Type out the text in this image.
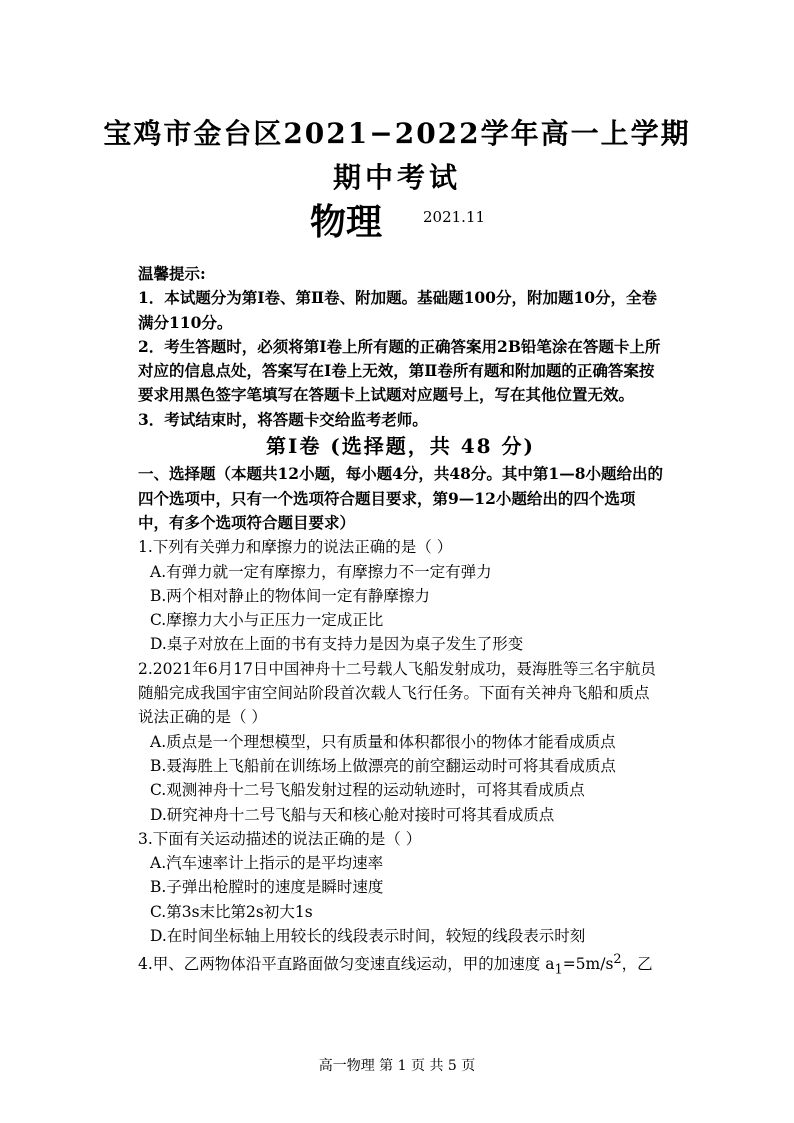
宝鸡市金台区2021−2022学年高一上学期
期中考试
物理	2021.11

温馨提示:

1．本试题分为第Ⅰ卷、第Ⅱ卷、附加题。基础题100分，附加题10分，全卷满分110分。

2．考生答题时，必须将第Ⅰ卷上所有题的正确答案用2B铅笔涂在答题卡上所对应的信息点处，答案写在Ⅰ卷上无效，第Ⅱ卷所有题和附加题的正确答案按要求用黑色签字笔填写在答题卡上试题对应题号上，写在其他位置无效。

3．考试结束时，将答题卡交给监考老师。

第Ⅰ卷 (选择题，共 48 分)

一、选择题（本题共12小题，每小题4分，共48分。其中第1—8小题给出的四个选项中，只有一个选项符合题目要求，第9—12小题给出的四个选项中，有多个选项符合题目要求）

1.下列有关弹力和摩擦力的说法正确的是（ ）

A.有弹力就一定有摩擦力，有摩擦力不一定有弹力

B.两个相对静止的物体间一定有静摩擦力

C.摩擦力大小与正压力一定成正比

D.桌子对放在上面的书有支持力是因为桌子发生了形变

2.2021年6月17日中国神舟十二号载人飞船发射成功，聂海胜等三名宇航员随船完成我国宇宙空间站阶段首次载人飞行任务。下面有关神舟飞船和质点说法正确的是（ ）

A.质点是一个理想模型，只有质量和体积都很小的物体才能看成质点

B.聂海胜上飞船前在训练场上做漂亮的前空翻运动时可将其看成质点

C.观测神舟十二号飞船发射过程的运动轨迹时，可将其看成质点

D.研究神舟十二号飞船与天和核心舱对接时可将其看成质点

3.下面有关运动描述的说法正确的是（ ）

A.汽车速率计上指示的是平均速率

B.子弹出枪膛时的速度是瞬时速度

C.第3s末比第2s初大1s

D.在时间坐标轴上用较长的线段表示时间，较短的线段表示时刻

4.甲、乙两物体沿平直路面做匀变速直线运动，甲的加速度 $a_1=5m/s^2$，乙

高一物理 第 1 页 共 5 页
